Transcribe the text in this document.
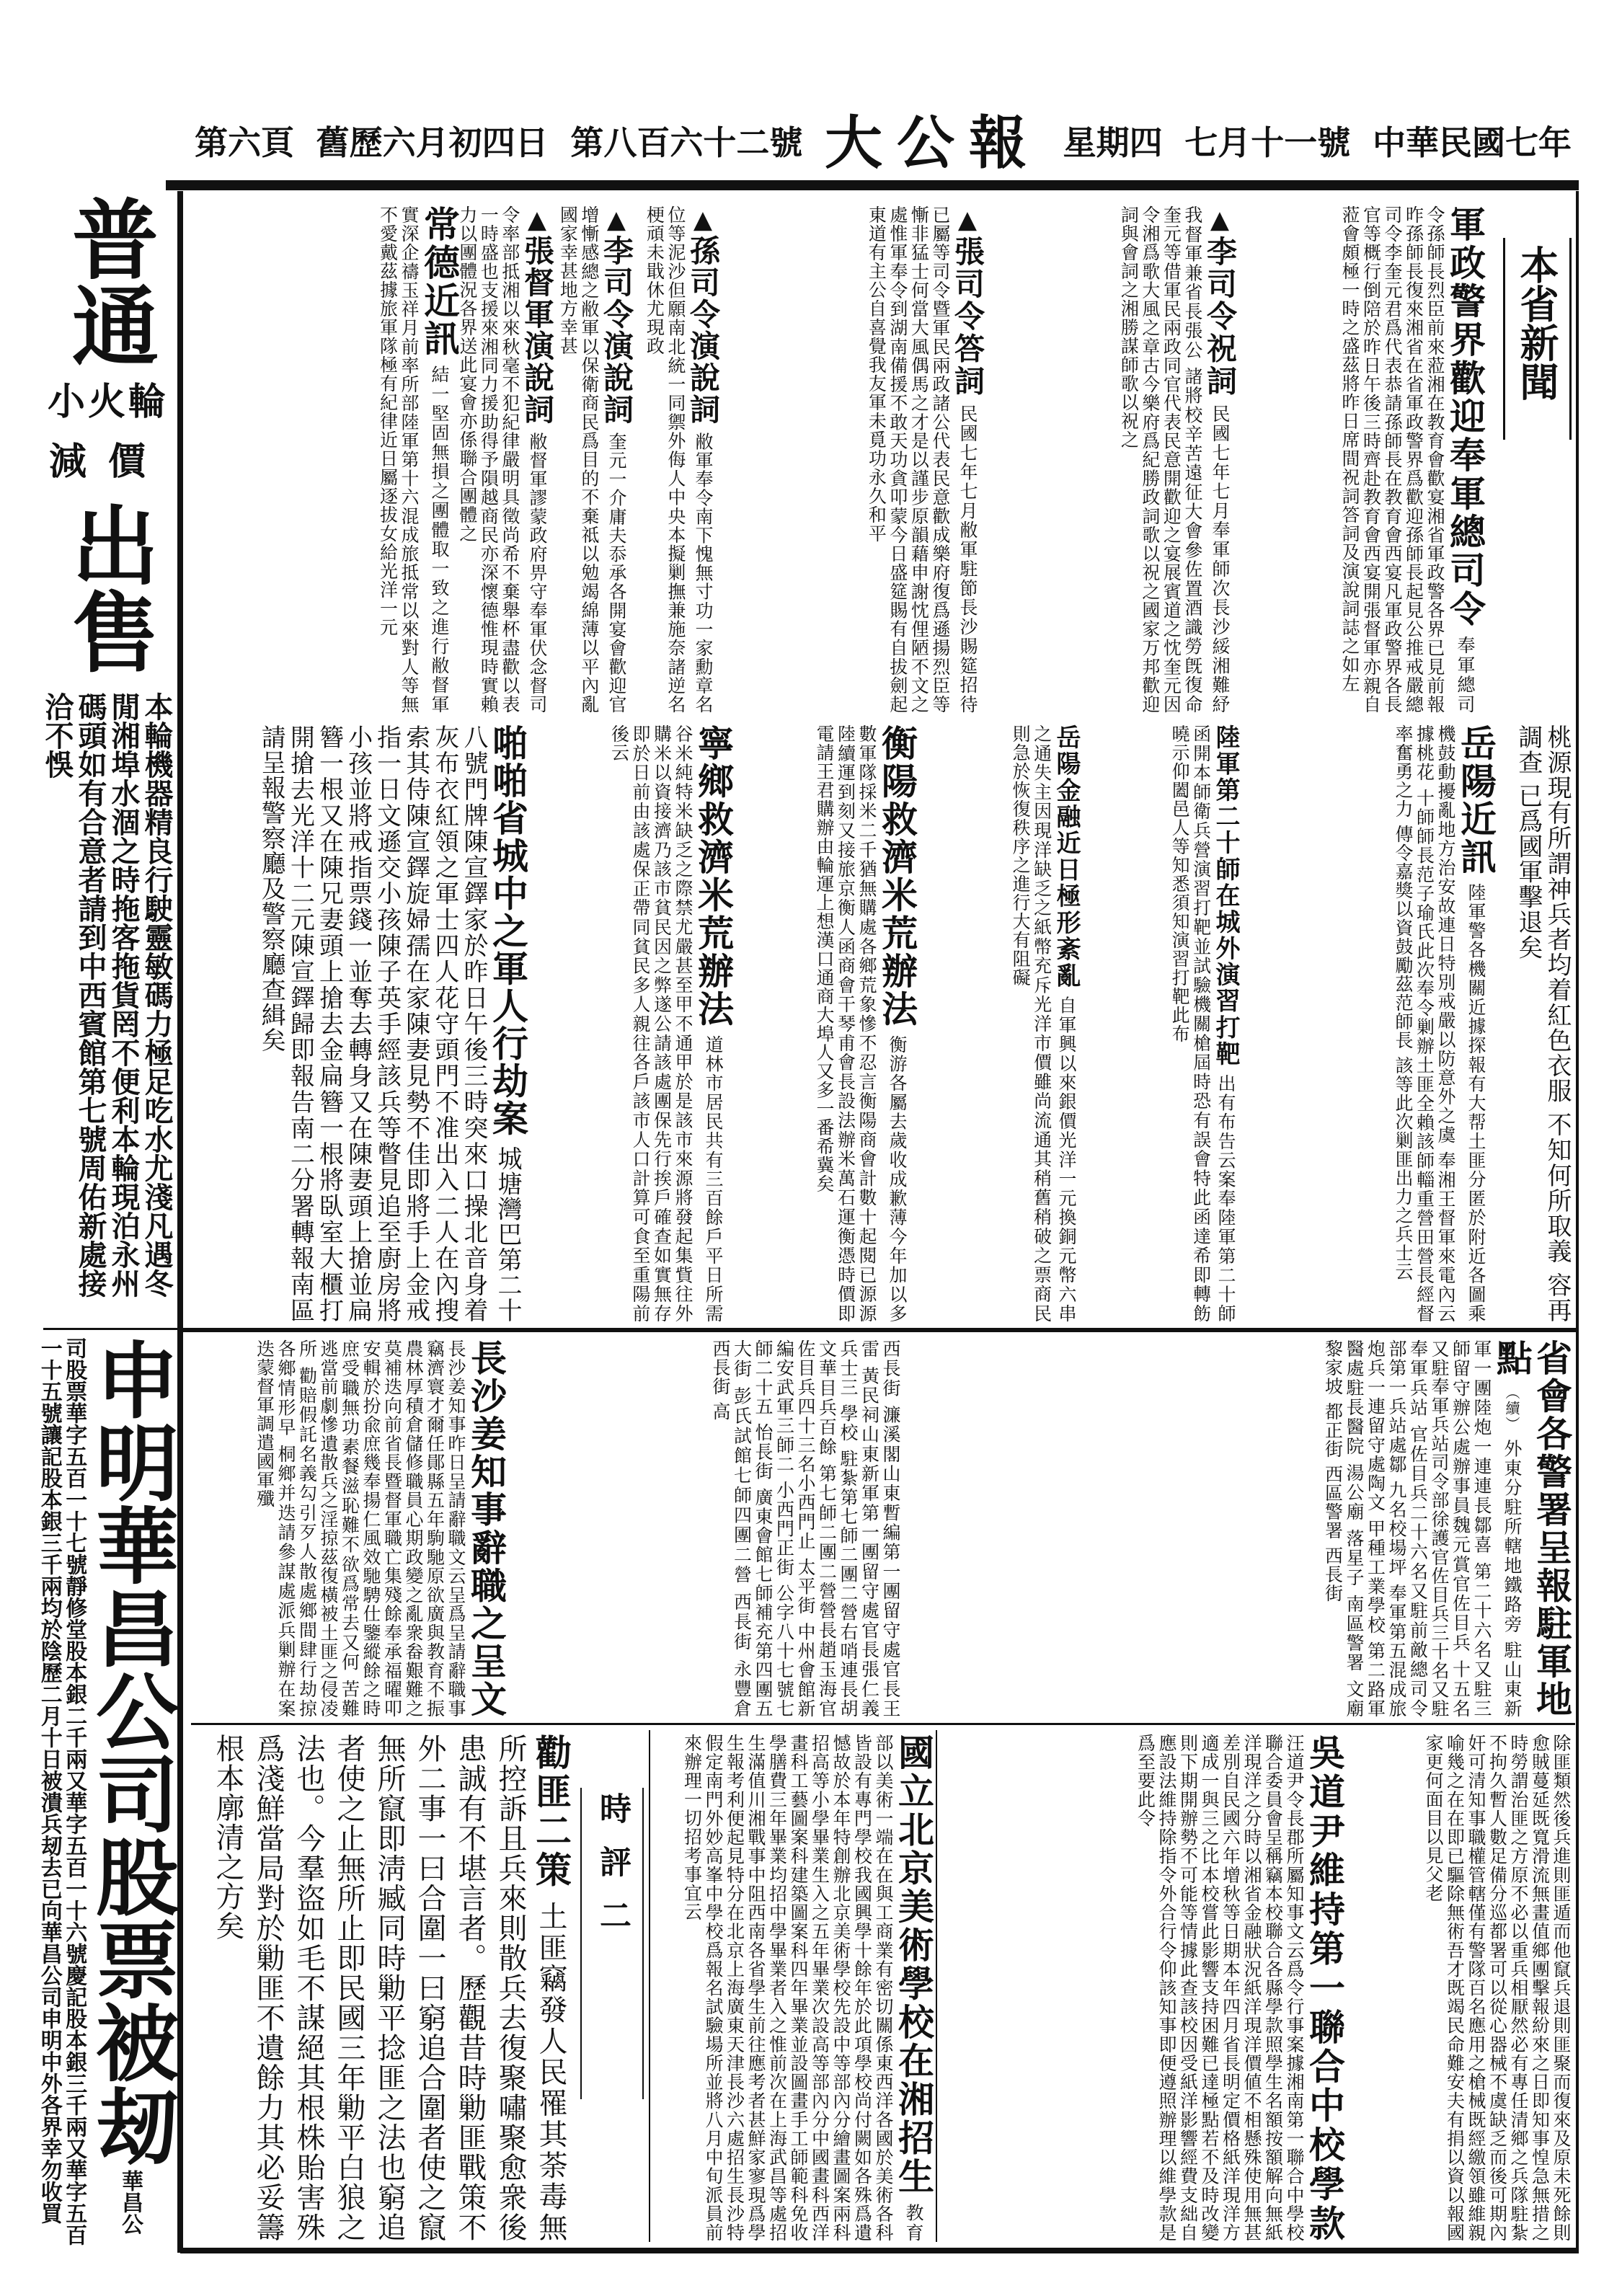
中華民國七年
七月十一號
星期四
大公報
第八百六十二號
舊歷六月初四日
第六頁
本省新聞
軍政警界歡迎奉軍總司令 奉軍總司令孫師長烈臣前來蒞湘在教育會歡宴湘省軍政警各界已見前報昨孫師長復來湘省在省軍政警界爲歡迎孫師長起見公推戒嚴總司令李奎元君爲代表恭請孫師長在教育會西宴凡軍政警界各長官等概行倒陪於昨日午後三時齊赴教育會西宴開張督軍亦親自蒞會頗極一時之盛茲將昨日席間祝詞答詞及演說詞誌之如左
▲李司令祝詞 民國七年七月奉軍師次長沙綏湘難紓我督軍兼省長張公 諸將校辛苦遠征大會參佐置酒識勞旣復命奎元等借軍民兩政同官代表民意開歡迎之宴展賓道之忱奎元因令湘爲歌大風之章古今樂府爲紀勝政詞歌以祝之國家万邦歡迎詞與會詞之湘勝謀師歌以祝之
▲張司令答詞 民國七年七月敝軍駐節長沙賜筵招待已屬等司令暨軍民兩政諸公代表民意歡成樂府復爲遜揚烈臣等慚非猛士何當大風偶馬之才是以謹步原韻藉申謝忱俚陋不文之處惟軍奉令到湖南備援不敢天功貪叩蒙今日盛筵賜有自拔劍起東道有主公自喜覺我友軍未覓功永久和平
▲孫司令演說詞 敝軍奉令南下愧無寸功一家勳章名位等泥沙但願南北統一同禦外侮人中央本擬剿撫兼施奈諸逆名梗頑未戢休尤現政
▲李司令演說詞 奎元一介庸夫忝承各開宴會歡迎官增慚感總之敝軍以保衛商民爲目的不棄祗以勉竭綿薄以平內亂國家幸甚地方幸甚
▲張督軍演說詞 敝督軍謬蒙政府畀守奉軍伏念督司令率部抵湘以來秋毫不犯紀律嚴明具徵尚希不棄舉杯盡歡以表一時盛也支援來湘同力援助得予隕越商民亦深懷德惟現時實賴力以團體況各界送此宴會亦係聯合團體之
常德近訊 結一堅固無損之團體取一致之進行敝督軍實深企禱玉祥月前率所部陸軍第十六混成旅抵常以來對人等無不愛戴茲據旅軍隊極有紀律近日屬逐拔女給光洋一元
桃源現有所謂神兵者均着紅色衣服 不知何所取義 容再調查 已爲國軍擊退矣
岳陽近訊 陸軍警各機關近據探報有大帮土匪分匿於附近各圖乘機鼓動擾亂地方治安故連日特別戒嚴以防意外之虞 奉湘王督軍來電內云據桃花 十師師長范子瑜氏此次奉令剿辦土匪全賴該師輜重營田營長經督率奮勇之力 傳令嘉獎以資鼓勵茲范師長 該等此次剿匪出力之兵士云
陸軍第二十師在城外演習打靶 出有布告云案奉陸軍第二十師函開本師衛兵營演習打靶並試驗機關槍屆時恐有誤會特此函達希即轉飭曉示仰闔邑人等知悉須知演習打靶此布
岳陽金融近日極形紊亂 自軍興以來銀價光洋一元換銅元幣六串之通失主因現洋缺乏之紙幣充斥光洋市價雖尚流通其稍舊稍破之票商民則急於恢復秩序之進行大有阻礙
衡陽救濟米荒辦法 衡游各屬去歲收成歉薄今年加以多數軍隊採米二千猶無購處各鄉荒象慘不忍言衡陽商會計數十起閱已源源陸續運到刻又接旅京衡人函商會干琴甫會長設法辦米萬石運衡憑時價即電請王君購辦由輪運上想漢口通商大埠人又多一番希冀矣
寧鄉救濟米荒辦法 道林市居民共有三百餘戶平日所需谷米純特米缺乏之際禁尤嚴甚至甲不通甲於是該市來源將發起集貲往外購米以資接濟乃該市貧民因之弊遂公請該處團保先行挨戶確查如實無存即於日前由該處保正帶同貧民多人親往各戶該市人口計算可食至重陽前後云
啪啪省城中之軍人行劫案 城塘灣巴第二十八號門牌陳宣鐸家於昨日午後三時突來口操北音身着灰布衣紅領之軍士四人花守頭門不准出入二人在內搜索其侍陳宣鐸旋婦孺在家陳妻見勢不佳即將手上金戒指一日文遜交小孩陳子英手經該兵等瞥見追至廚房將小孩並將戒指票錢一並奪去轉身又在陳妻頭上搶並扁簪一根又在陳兄妻頭上搶去金扁簪一根將臥室大櫃打開搶去光洋十二元陳宣鐸歸即報告南二分署轉報南區請呈報警察廳及警察廳查緝矣
省會各警署呈報駐軍地點 （續） 外東分駐所轄地鐵路旁 駐山東新軍一團陸炮一連連長鄒喜 第二十六名又駐三師留守辦公處辦事員魏元賞官佐目兵 十五名又駐奉軍兵站司令部徐護官佐目兵三十名又駐奉軍兵站 官佐目兵二十六名又駐前敵總司令部第一兵站處鄒 九名校場坪 奉軍第五混成旅炮兵一連留守處陶文 甲種工業學校 第二路軍醫處駐長醫院 湯公廟 落星子 南區警署 文廟 黎家坡 都正街 西區警署 西長街
西長街 濂溪閣山東暫編第一團留守處官長王雷 黃民祠山東新軍第一團留守處官長張仁義兵士三 學校 駐紮第七師二團二營右哨連長胡文華目兵百餘 第七師二團二營營長趙玉海官佐目兵四十三名小西門止 太平街 中州會館新編安武軍三師二 小西門正街 公字八十七號七師二十五 怡長街 廣東會館七師補充第四團五 大街 彭氏試館七師四團二營 西長街 永豐倉 西長街 高
長沙姜知事辭職之呈文 長沙姜知事昨日呈請辭職文云呈爲呈請辭職事竊濟寰才爾任鄖縣五年駒馳原欲廣與教育不振農林厚積倉儲修職員心期政變之亂衆畚艱難之莫補迭向前省長暨督軍職亡集殘餘奉承福曜叩安輯於扮兪庶幾奉揚仁風效馳騁仕鑒縱餘之時庶受職無功素餐滋恥難不欲爲常去又何 苦難逃當前劇慘遺散兵之淫掠茲復橫被土匪之侵凌所 勸賠假託名義勾引歹人散處鄉間肆行劫掠各鄉情形早 桐鄉并迭請參謀處派兵剿辦在案迭蒙督軍調遣國軍殲
除匪類然後兵進則匪遁而他竄兵退則匪聚而復來及原未死餘則愈賊蔓延既寬滑流無畫值鄉團擊報紛來之日即知事惶急無措之時勞謂治匪之方原不必以重兵相厭然必有專任清鄉之兵隊駐紮不拘久暫人數足備分巡都署可以從心器械不虞缺乏而後可期內奸可清知事職權管轄僅有警隊百名應用之槍械既經繳領雖維親喻幾之在在即已驅除無術吾才既竭民命難安夫有捐以資以報國家更何面目以見父老
吳道尹維持第一聯合中校學款 汪道尹令長郡所屬知事文云爲令行事案據湘南第一聯合中學校聯合委員會呈稱竊本校聯合各縣學款照學生名額按額解向無紙洋現洋之分時以湘省金融狀況紙洋現洋價値不相懸殊使用無甚差別自民國六年增秋等日期本年四月省長明定價格紙洋現洋方適成一與三之比本校嘗此影響支持困難已達極點若不及時改變則下期開辦勢不可能等情據此查該校因受紙洋影響經費支絀自應設法維持除指令外合行令仰該知事即便遵照辦理以維學款是爲至要此令
國立北京美術學校在湘招生 教育部以美術一端在在與工商業有密切關係東西洋各國於美術各科皆設有專門學校我國興學十餘年於此項學校尚付闕如各殊爲遺憾故於本年特創辦北京美術學校先設中等部內分繪畫圖案兩科招高等小學畢業生入之五年畢業次設高等部內分中國畫科西洋畫科工藝圖案科建築圖案科四年畢業並設圖畫手工師範科免收學膳費三年畢業均招中學畢業者入之惟前次在上海武昌等處招生滿值川湘戰事中阻西南各省學生前往應考者甚鮮家寥現爲學生報考利便起見特分在北京上海廣東天津長沙六處招生長沙特假定南門外妙高峯中學校爲報名試驗場所並將八月中旬派員前來辦理一切招考事宜云
時評二
勸匪二策 土匪竊發人民罹其荼毒無所控訴且兵來則散兵去復聚嘯聚愈衆後患誠有不堪言者。歷觀昔時勦匪戰策不外二事一曰合圍一曰窮追合圍者使之竄無所竄即淸臧同時勦平捻匪之法也窮追者使之止無所止即民國三年勦平白狼之法也。今羣盜如毛不謀絕其根株貽害殊爲淺鮮當局對於勦匪不遺餘力其必妥籌根本廓清之方矣
普通
小火輪
減價
出售
本輪機器精良行駛靈敏碼力極足吃水尤淺凡遇冬閒湘埠水涸之時拖客拖貨罔不便利本輪現泊永州碼頭如有合意者請到中西賓館第七號周佑新處接洽不悞
申明華昌公司股票被刼 華昌公司股票華字五百一十七號靜修堂股本銀二千兩又華字五百一十六號慶記股本銀三千兩又華字五百一十五號讓記股本銀三千兩均於陰歷二月十日被潰兵刼去已向華昌公司申明中外各界幸勿收買
